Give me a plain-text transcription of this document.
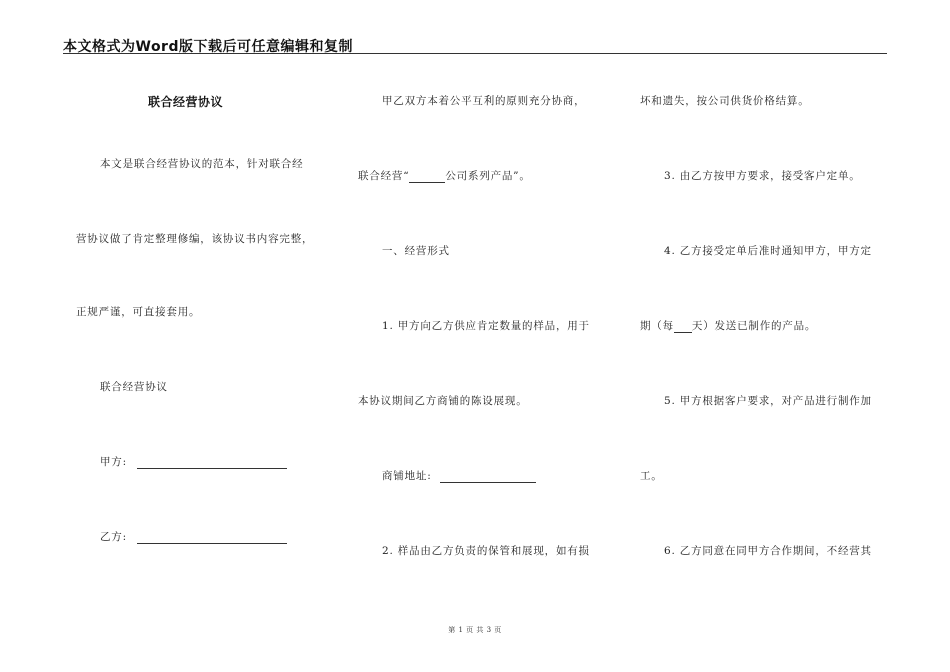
本文格式为Word版下载后可任意编辑和复制
联合经营协议
本文是联合经营协议的范本，针对联合经
营协议做了肯定整理修编，该协议书内容完整，
正规严谨，可直接套用。
联合经营协议
甲方:
乙方:
甲乙双方本着公平互利的原则充分协商，
联合经营“	公司系列产品”。
一、经营形式
1. 甲方向乙方供应肯定数量的样品，用于
本协议期间乙方商铺的陈设展现。
商铺地址:
2. 样品由乙方负责的保管和展现，如有损
坏和遗失，按公司供货价格结算。
3. 由乙方按甲方要求，接受客户定单。
4. 乙方接受定单后准时通知甲方，甲方定
期（每 天）发送已制作的产品。
5. 甲方根据客户要求，对产品进行制作加
工。
6. 乙方同意在同甲方合作期间，不经营其
第 1 页 共 3 页
